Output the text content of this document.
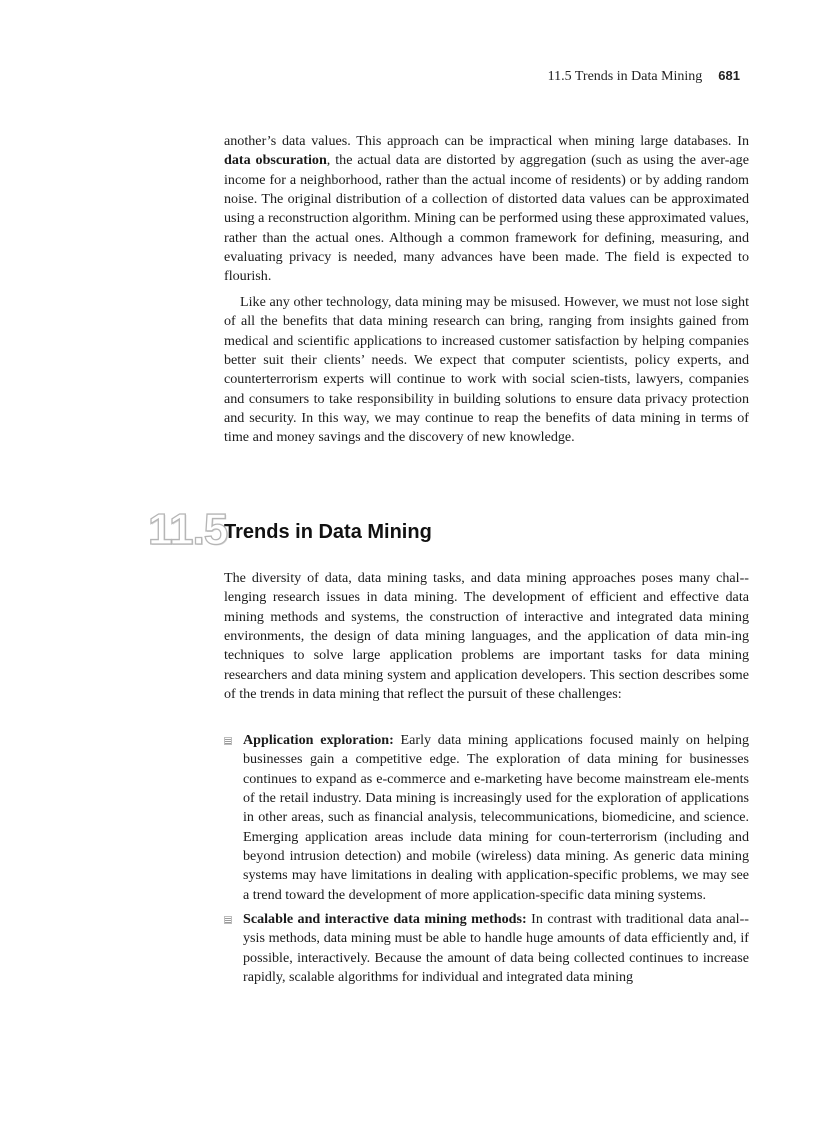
11.5 Trends in Data Mining 681

another’s data values. This approach can be impractical when mining large databases. In data obscuration, the actual data are distorted by aggregation (such as using the aver-age income for a neighborhood, rather than the actual income of residents) or by adding random noise. The original distribution of a collection of distorted data values can be approximated using a reconstruction algorithm. Mining can be performed using these approximated values, rather than the actual ones. Although a common framework for defining, measuring, and evaluating privacy is needed, many advances have been made. The field is expected to flourish.

Like any other technology, data mining may be misused. However, we must not lose sight of all the benefits that data mining research can bring, ranging from insights gained from medical and scientific applications to increased customer satisfaction by helping companies better suit their clients’ needs. We expect that computer scientists, policy experts, and counterterrorism experts will continue to work with social scien-tists, lawyers, companies and consumers to take responsibility in building solutions to ensure data privacy protection and security. In this way, we may continue to reap the benefits of data mining in terms of time and money savings and the discovery of new knowledge.

11.5
Trends in Data Mining

The diversity of data, data mining tasks, and data mining approaches poses many chal-lenging research issues in data mining. The development of efficient and effective data mining methods and systems, the construction of interactive and integrated data mining environments, the design of data mining languages, and the application of data min-ing techniques to solve large application problems are important tasks for data mining researchers and data mining system and application developers. This section describes some of the trends in data mining that reflect the pursuit of these challenges:

Application exploration: Early data mining applications focused mainly on helping businesses gain a competitive edge. The exploration of data mining for businesses continues to expand as e-commerce and e-marketing have become mainstream ele-ments of the retail industry. Data mining is increasingly used for the exploration of applications in other areas, such as financial analysis, telecommunications, biomedicine, and science. Emerging application areas include data mining for coun-terterrorism (including and beyond intrusion detection) and mobile (wireless) data mining. As generic data mining systems may have limitations in dealing with application-specific problems, we may see a trend toward the development of more application-specific data mining systems.
Scalable and interactive data mining methods: In contrast with traditional data anal-ysis methods, data mining must be able to handle huge amounts of data efficiently and, if possible, interactively. Because the amount of data being collected continues to increase rapidly, scalable algorithms for individual and integrated data mining
